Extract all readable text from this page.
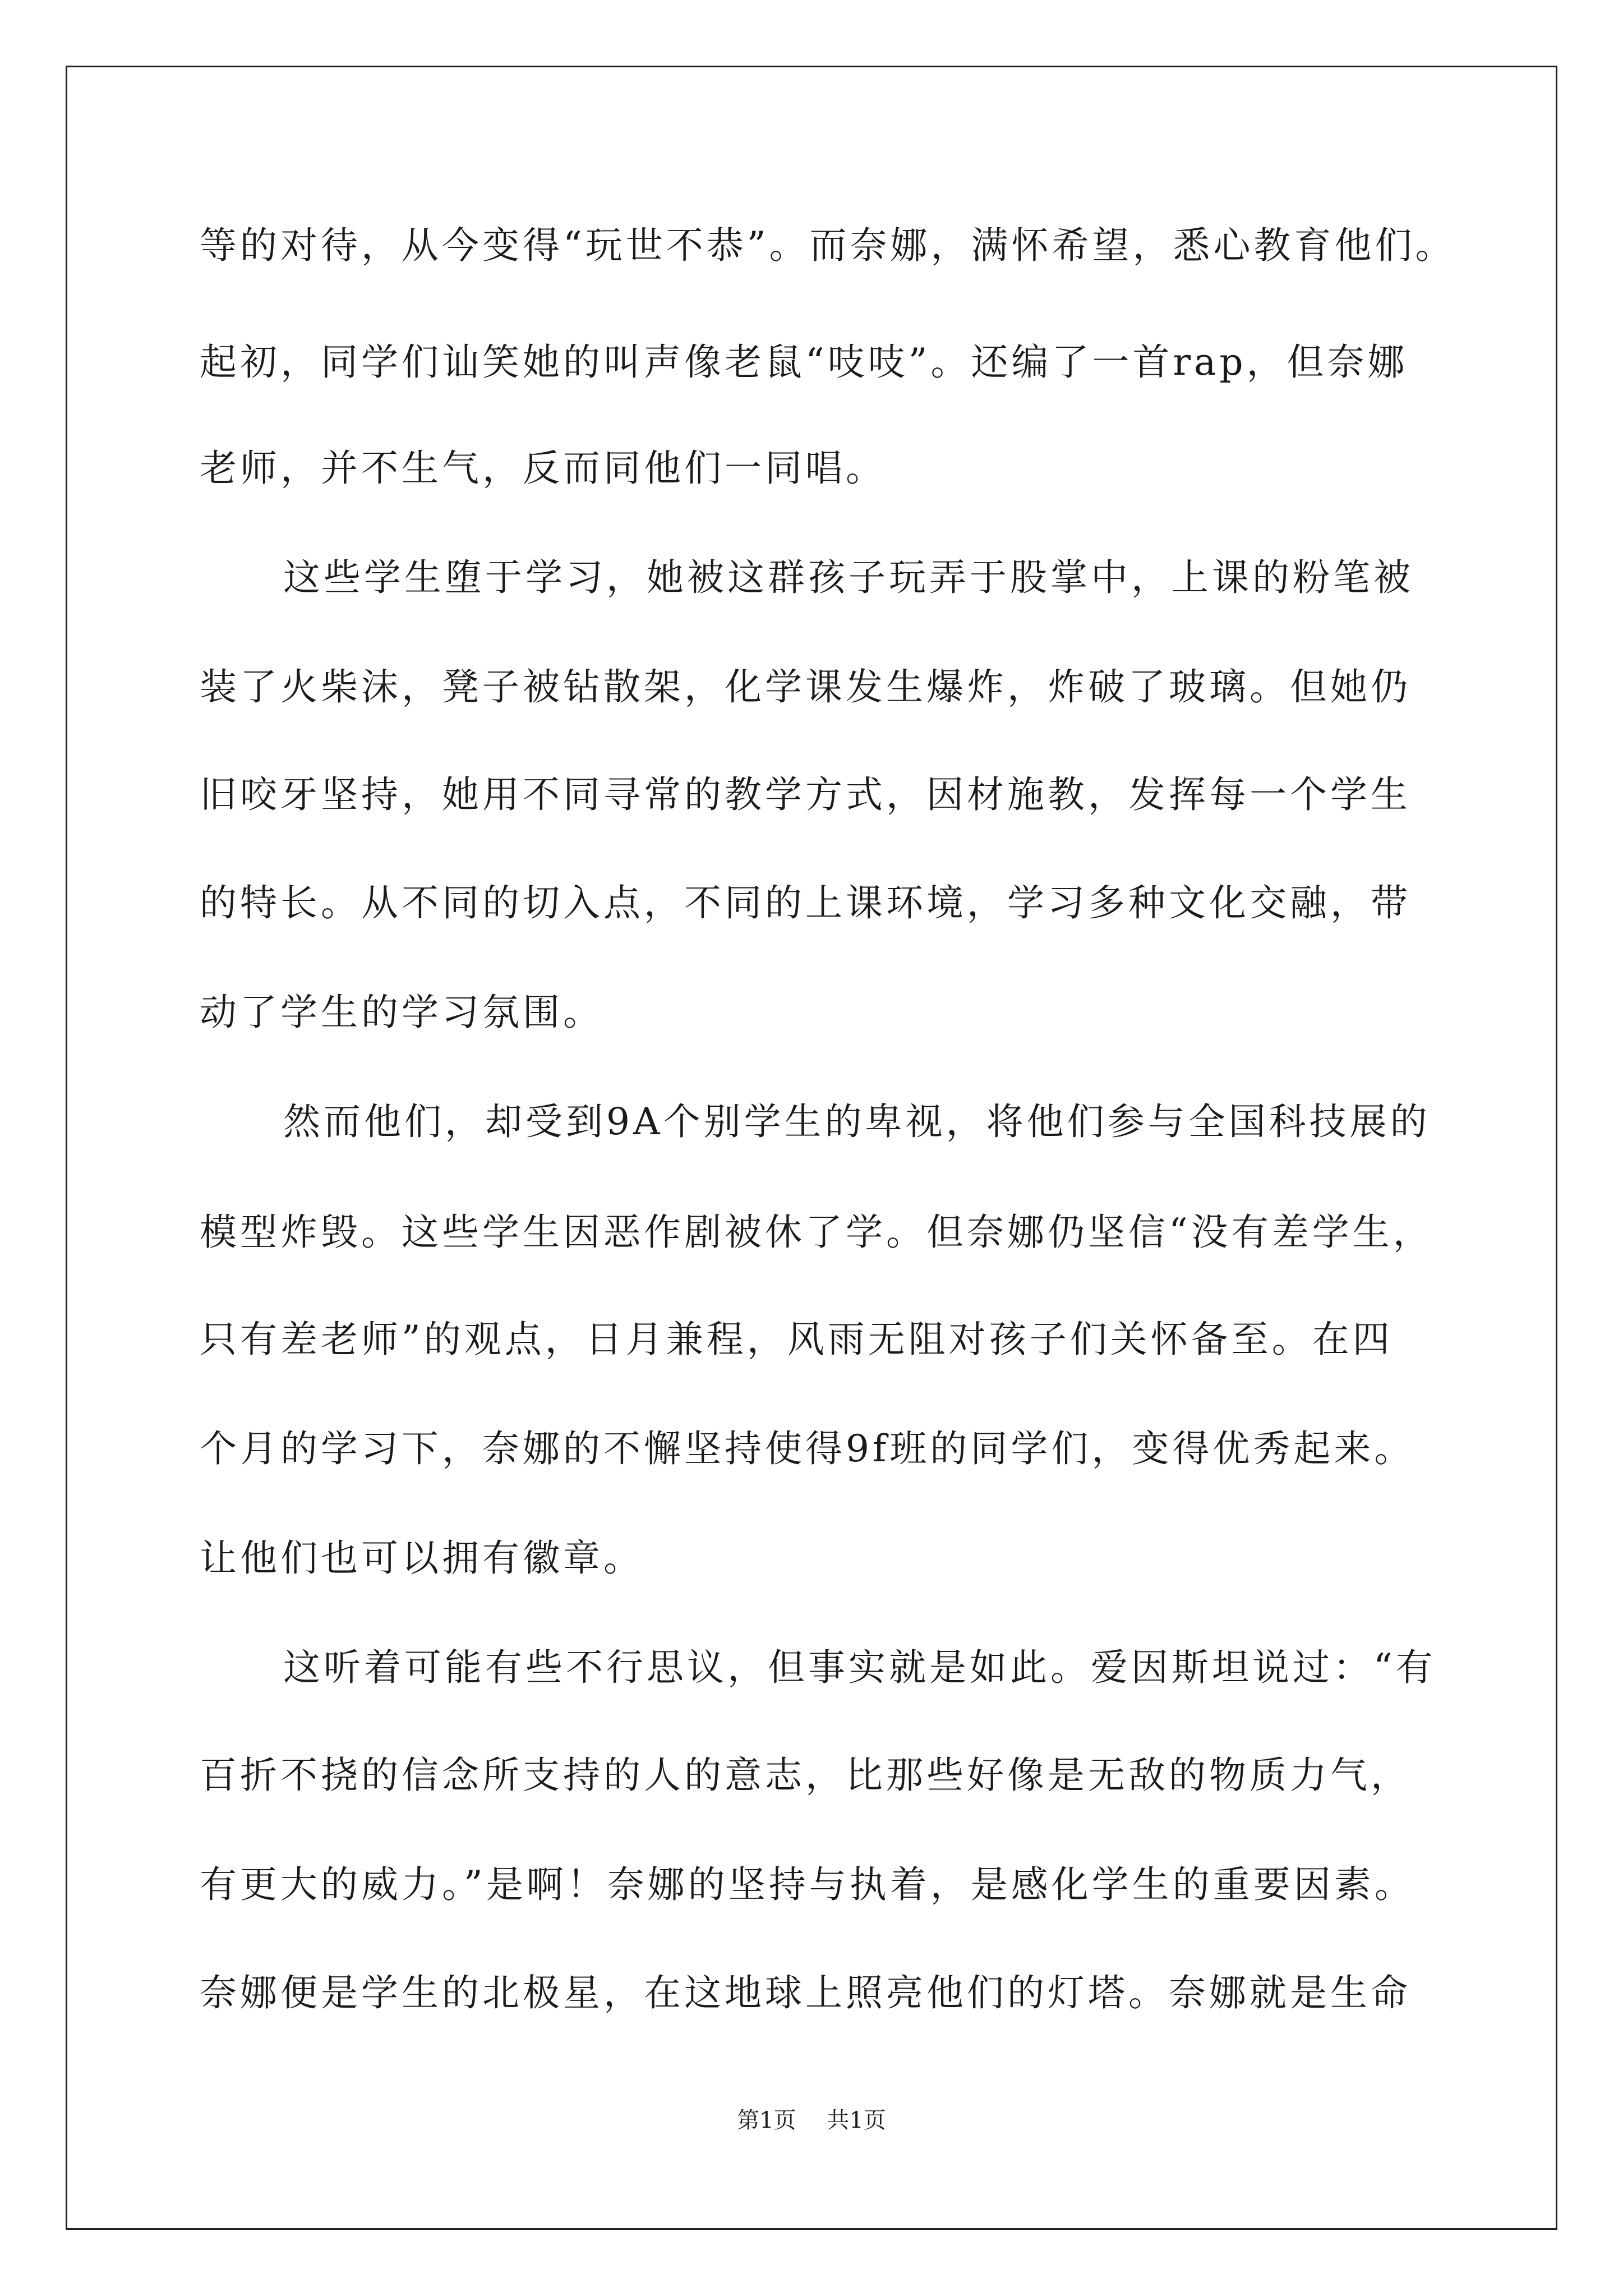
等的对待，从今变得“玩世不恭”。而奈娜，满怀希望，悉心教育他们。
起初，同学们讪笑她的叫声像老鼠“吱吱”。还编了一首rap，但奈娜
老师，并不生气，反而同他们一同唱。
这些学生堕于学习，她被这群孩子玩弄于股掌中，上课的粉笔被
装了火柴沫，凳子被钻散架，化学课发生爆炸，炸破了玻璃。但她仍
旧咬牙坚持，她用不同寻常的教学方式，因材施教，发挥每一个学生
的特长。从不同的切入点，不同的上课环境，学习多种文化交融，带
动了学生的学习氛围。
然而他们，却受到9A个别学生的卑视，将他们参与全国科技展的
模型炸毁。这些学生因恶作剧被休了学。但奈娜仍坚信“没有差学生，
只有差老师”的观点，日月兼程，风雨无阻对孩子们关怀备至。在四
个月的学习下，奈娜的不懈坚持使得9f班的同学们，变得优秀起来。
让他们也可以拥有徽章。
这听着可能有些不行思议，但事实就是如此。爱因斯坦说过：“有
百折不挠的信念所支持的人的意志，比那些好像是无敌的物质力气，
有更大的威力。”是啊！奈娜的坚持与执着，是感化学生的重要因素。
奈娜便是学生的北极星，在这地球上照亮他们的灯塔。奈娜就是生命
第1页 共1页
